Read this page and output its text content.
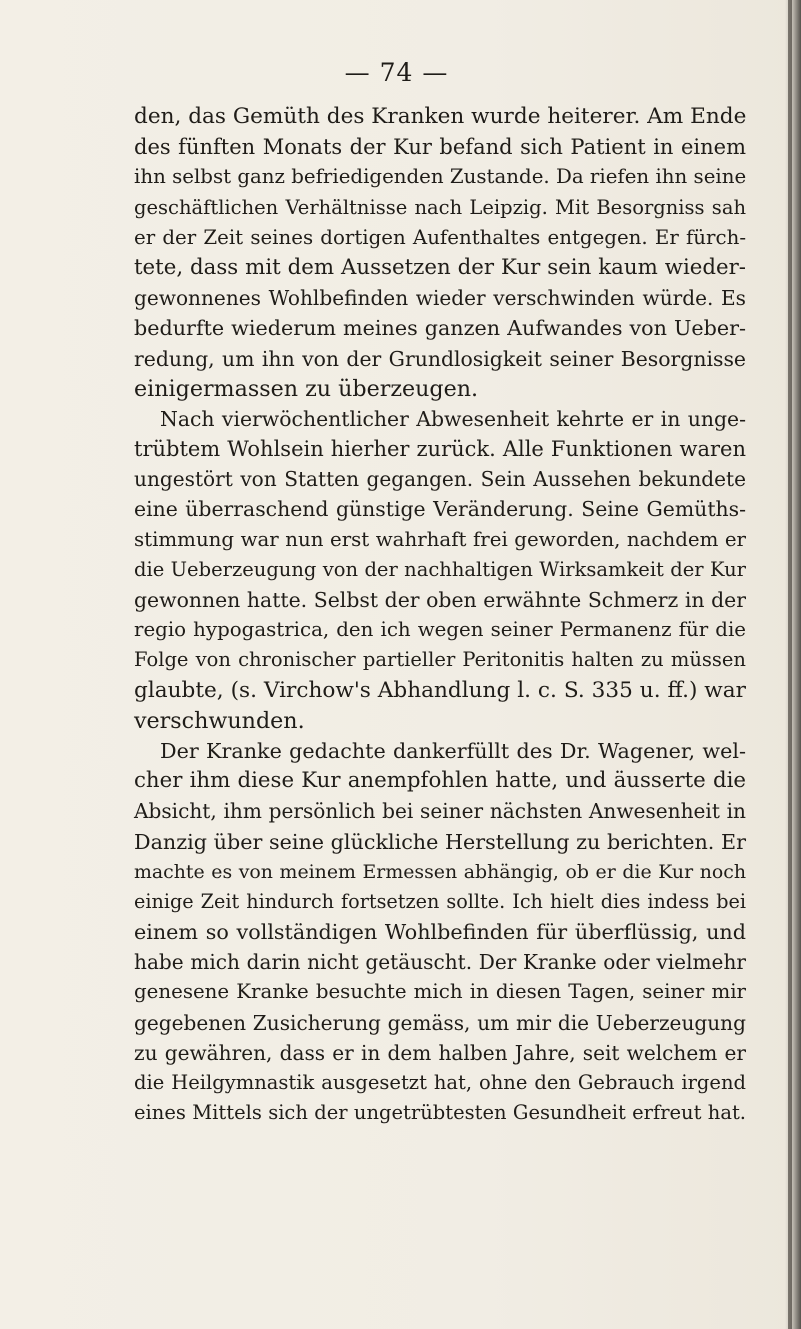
— 74 —
den, das Gemüth des Kranken wurde heiterer. Am Ende
des fünften Monats der Kur befand sich Patient in einem
ihn selbst ganz befriedigenden Zustande. Da riefen ihn seine
geschäftlichen Verhältnisse nach Leipzig. Mit Besorgniss sah
er der Zeit seines dortigen Aufenthaltes entgegen. Er fürch-
tete, dass mit dem Aussetzen der Kur sein kaum wieder-
gewonnenes Wohlbefinden wieder verschwinden würde. Es
bedurfte wiederum meines ganzen Aufwandes von Ueber-
redung, um ihn von der Grundlosigkeit seiner Besorgnisse
einigermassen zu überzeugen.
Nach vierwöchentlicher Abwesenheit kehrte er in unge-
trübtem Wohlsein hierher zurück. Alle Funktionen waren
ungestört von Statten gegangen. Sein Aussehen bekundete
eine überraschend günstige Veränderung. Seine Gemüths-
stimmung war nun erst wahrhaft frei geworden, nachdem er
die Ueberzeugung von der nachhaltigen Wirksamkeit der Kur
gewonnen hatte. Selbst der oben erwähnte Schmerz in der
regio hypogastrica, den ich wegen seiner Permanenz für die
Folge von chronischer partieller Peritonitis halten zu müssen
glaubte, (s. Virchow's Abhandlung l. c. S. 335 u. ff.) war
verschwunden.
Der Kranke gedachte dankerfüllt des Dr. Wagener, wel-
cher ihm diese Kur anempfohlen hatte, und äusserte die
Absicht, ihm persönlich bei seiner nächsten Anwesenheit in
Danzig über seine glückliche Herstellung zu berichten. Er
machte es von meinem Ermessen abhängig, ob er die Kur noch
einige Zeit hindurch fortsetzen sollte. Ich hielt dies indess bei
einem so vollständigen Wohlbefinden für überflüssig, und
habe mich darin nicht getäuscht. Der Kranke oder vielmehr
genesene Kranke besuchte mich in diesen Tagen, seiner mir
gegebenen Zusicherung gemäss, um mir die Ueberzeugung
zu gewähren, dass er in dem halben Jahre, seit welchem er
die Heilgymnastik ausgesetzt hat, ohne den Gebrauch irgend
eines Mittels sich der ungetrübtesten Gesundheit erfreut hat.
